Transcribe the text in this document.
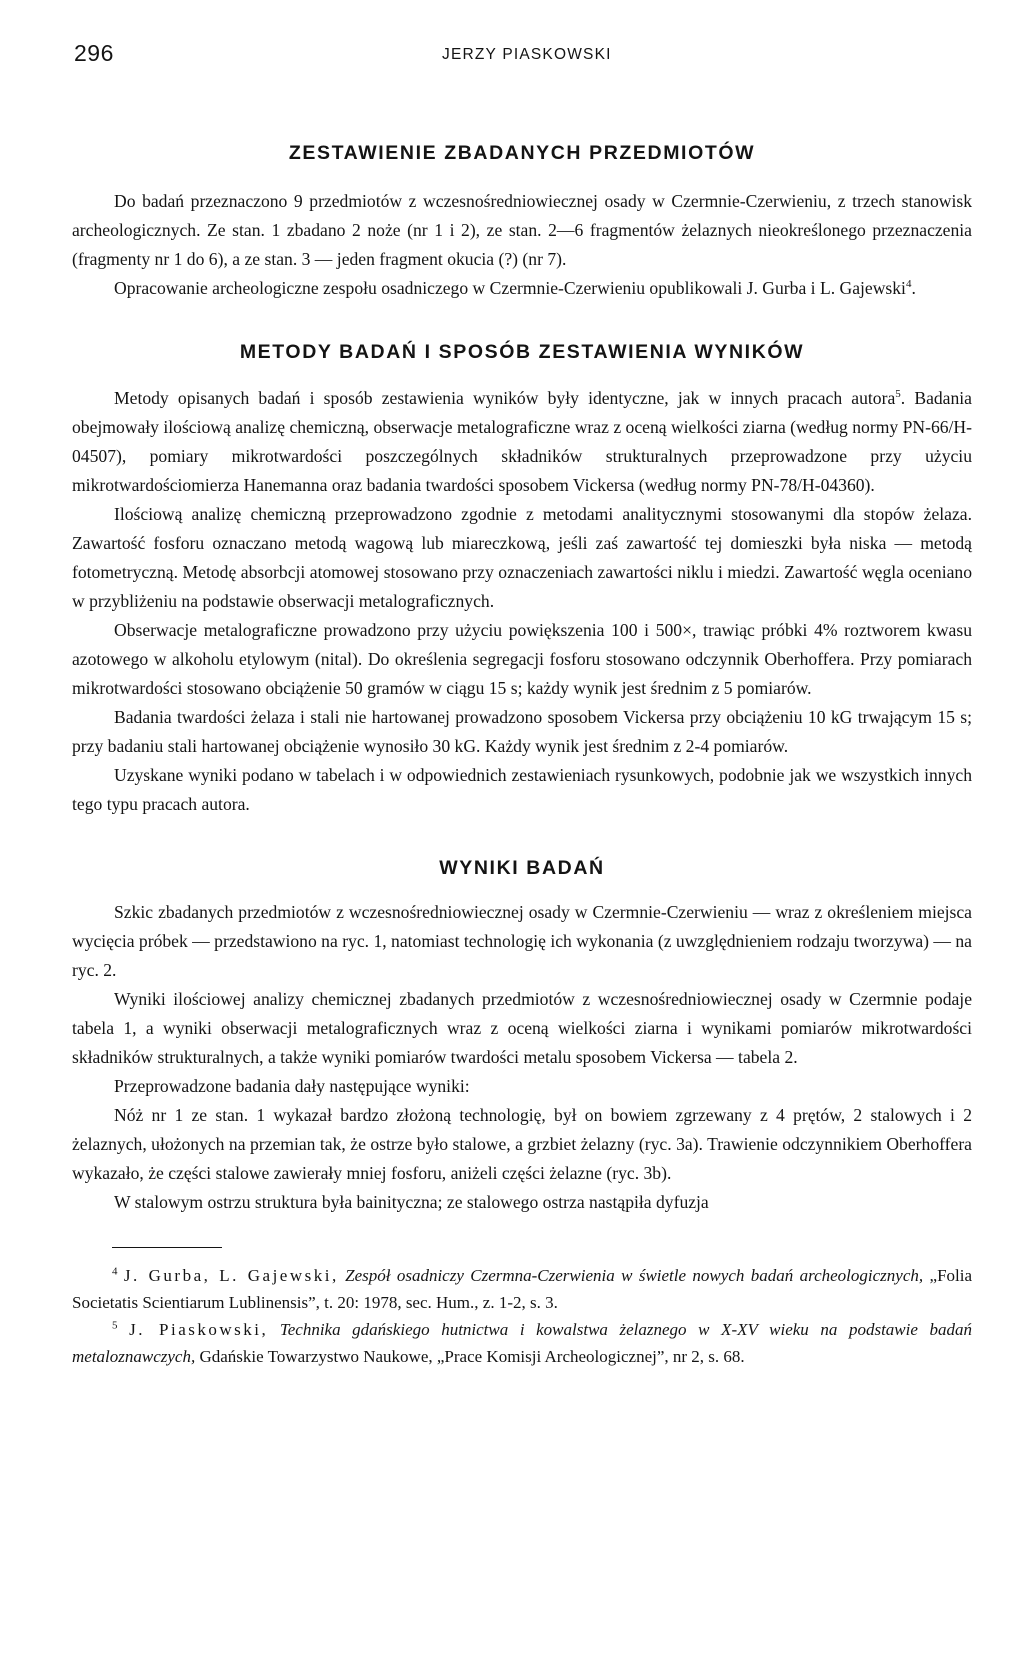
296	JERZY PIASKOWSKI
ZESTAWIENIE ZBADANYCH PRZEDMIOTÓW

Do badań przeznaczono 9 przedmiotów z wczesnośredniowiecznej osady w Czermnie-Czerwieniu, z trzech stanowisk archeologicznych. Ze stan. 1 zbadano 2 noże (nr 1 i 2), ze stan. 2—6 fragmentów żelaznych nieokreślonego przeznaczenia (fragmenty nr 1 do 6), a ze stan. 3 — jeden fragment okucia (?) (nr 7).

Opracowanie archeologiczne zespołu osadniczego w Czermnie-Czerwieniu opublikowali J. Gurba i L. Gajewski$^4$.

METODY BADAŃ I SPOSÓB ZESTAWIENIA WYNIKÓW

Metody opisanych badań i sposób zestawienia wyników były identyczne, jak w innych pracach autora$^5$. Badania obejmowały ilościową analizę chemiczną, obserwacje metalograficzne wraz z oceną wielkości ziarna (według normy PN-66/H-04507), pomiary mikrotwardości poszczególnych składników strukturalnych przeprowadzone przy użyciu mikrotwardościomierza Hanemanna oraz badania twardości sposobem Vickersa (według normy PN-78/H-04360).

Ilościową analizę chemiczną przeprowadzono zgodnie z metodami analitycznymi stosowanymi dla stopów żelaza. Zawartość fosforu oznaczano metodą wagową lub miareczkową, jeśli zaś zawartość tej domieszki była niska — metodą fotometryczną. Metodę absorbcji atomowej stosowano przy oznaczeniach zawartości niklu i miedzi. Zawartość węgla oceniano w przybliżeniu na podstawie obserwacji metalograficznych.

Obserwacje metalograficzne prowadzono przy użyciu powiększenia 100 i 500×, trawiąc próbki 4% roztworem kwasu azotowego w alkoholu etylowym (nital). Do określenia segregacji fosforu stosowano odczynnik Oberhoffera. Przy pomiarach mikrotwardości stosowano obciążenie 50 gramów w ciągu 15 s; każdy wynik jest średnim z 5 pomiarów.

Badania twardości żelaza i stali nie hartowanej prowadzono sposobem Vickersa przy obciążeniu 10 kG trwającym 15 s; przy badaniu stali hartowanej obciążenie wynosiło 30 kG. Każdy wynik jest średnim z 2-4 pomiarów.

Uzyskane wyniki podano w tabelach i w odpowiednich zestawieniach rysunkowych, podobnie jak we wszystkich innych tego typu pracach autora.

WYNIKI BADAŃ

Szkic zbadanych przedmiotów z wczesnośredniowiecznej osady w Czermnie-Czerwieniu — wraz z określeniem miejsca wycięcia próbek — przedstawiono na ryc. 1, natomiast technologię ich wykonania (z uwzględnieniem rodzaju tworzywa) — na ryc. 2.

Wyniki ilościowej analizy chemicznej zbadanych przedmiotów z wczesnośredniowiecznej osady w Czermnie podaje tabela 1, a wyniki obserwacji metalograficznych wraz z oceną wielkości ziarna i wynikami pomiarów mikrotwardości składników strukturalnych, a także wyniki pomiarów twardości metalu sposobem Vickersa — tabela 2.

Przeprowadzone badania dały następujące wyniki:

Nóż nr 1 ze stan. 1 wykazał bardzo złożoną technologię, był on bowiem zgrzewany z 4 prętów, 2 stalowych i 2 żelaznych, ułożonych na przemian tak, że ostrze było stalowe, a grzbiet żelazny (ryc. 3a). Trawienie odczynnikiem Oberhoffera wykazało, że części stalowe zawierały mniej fosforu, aniżeli części żelazne (ryc. 3b).

W stalowym ostrzu struktura była bainityczna; ze stalowego ostrza nastąpiła dyfuzja

$^4$ J. Gurba, L. Gajewski, Zespół osadniczy Czermna-Czerwienia w świetle nowych badań archeologicznych, „Folia Societatis Scientiarum Lublinensis”, t. 20: 1978, sec. Hum., z. 1-2, s. 3.

$^5$ J. Piaskowski, Technika gdańskiego hutnictwa i kowalstwa żelaznego w X-XV wieku na podstawie badań metaloznawczych, Gdańskie Towarzystwo Naukowe, „Prace Komisji Archeologicznej”, nr 2, s. 68.
